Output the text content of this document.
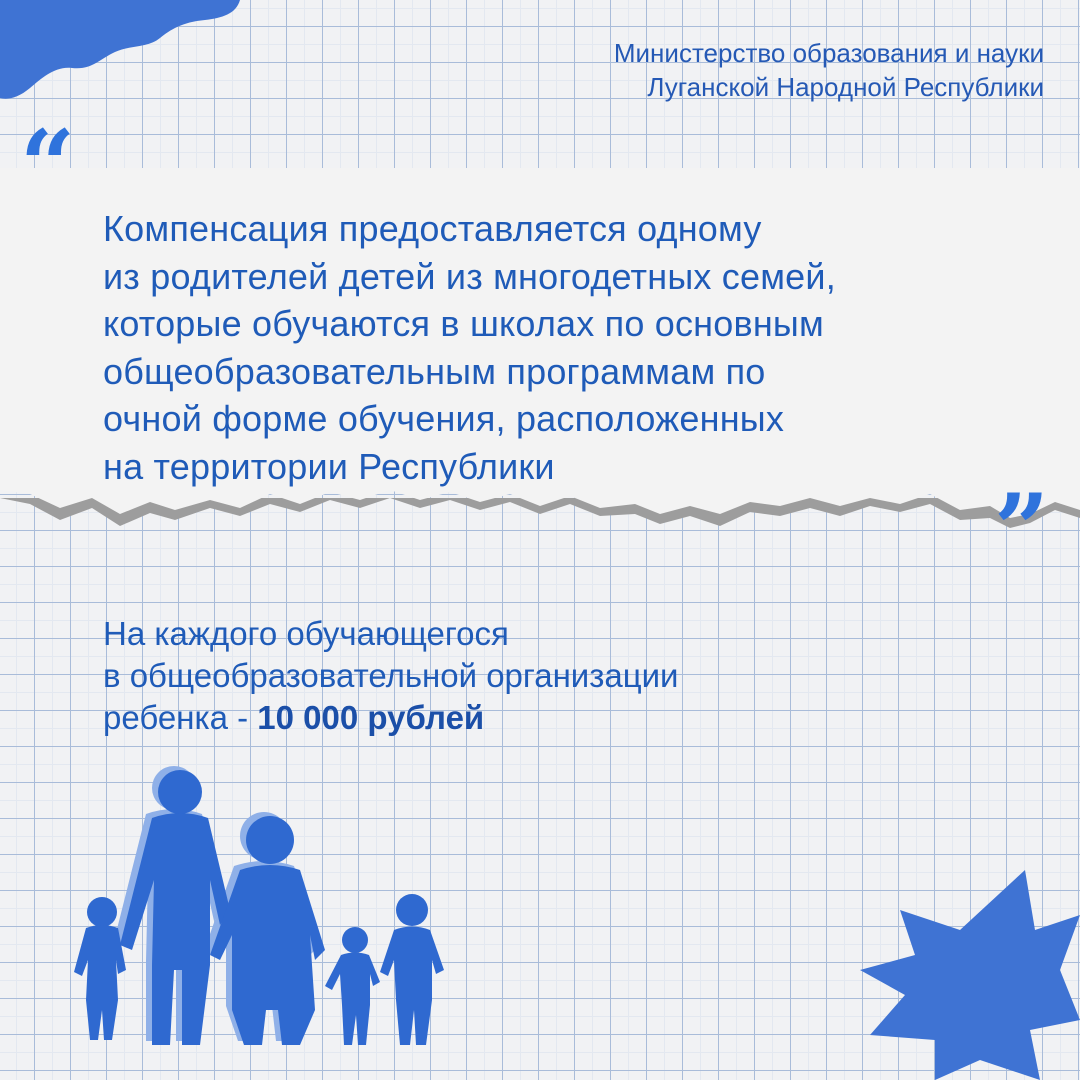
Министерство образования и науки
Луганской Народной Республики
“
”
Компенсация предоставляется одному
из родителей детей из многодетных семей,
которые обучаются в школах по основным
общеобразовательным программам по
очной форме обучения, расположенных
на территории Республики
На каждого обучающегося
в общеобразовательной организации
ребенка - 10 000 рублей
